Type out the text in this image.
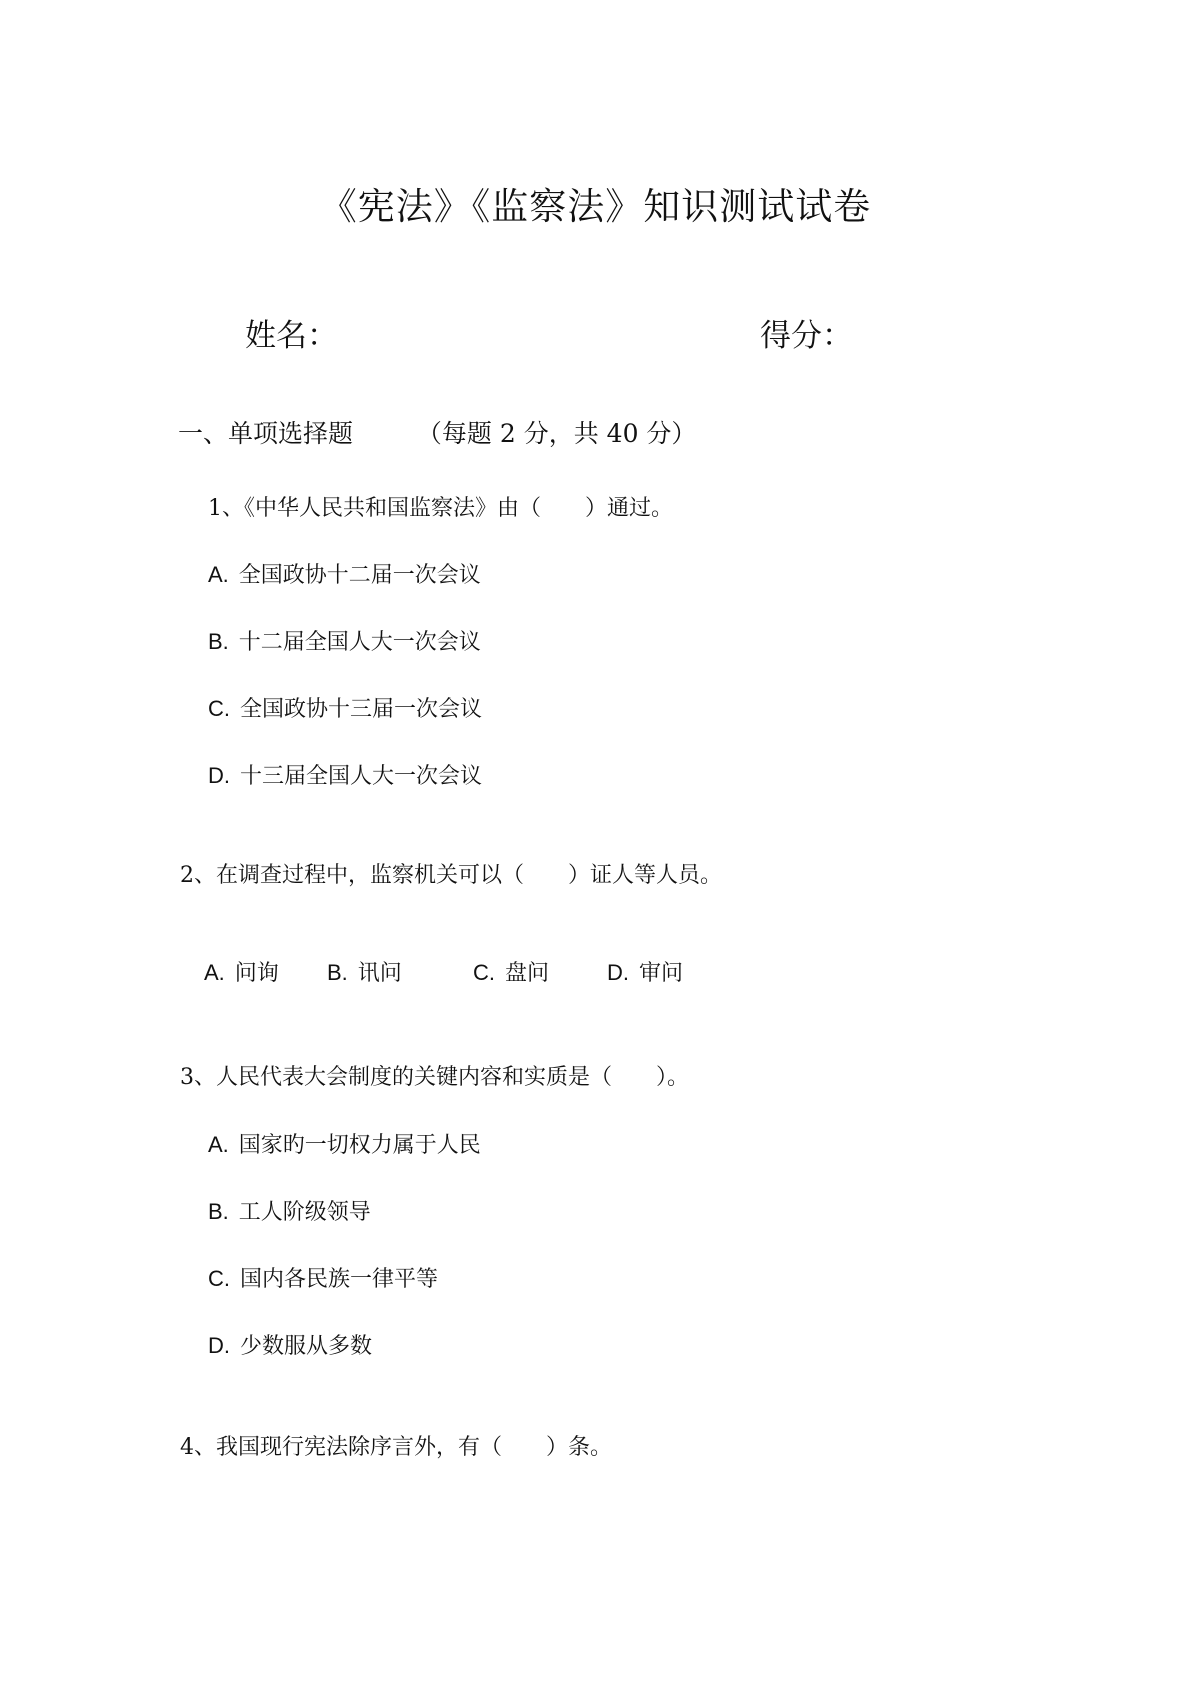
《宪法》《监察法》知识测试试卷
姓名：	得分：
一、单项选择题	（每题 2 分，共 40 分）
1、《中华人民共和国监察法》由（　　）通过。
A. 全国政协十二届一次会议
B. 十二届全国人大一次会议
C. 全国政协十三届一次会议
D. 十三届全国人大一次会议
2、在调查过程中，监察机关可以（　　）证人等人员。
A. 问询 B. 讯问	C. 盘问	D. 审问
3、人民代表大会制度的关键内容和实质是（　　）。
A. 国家旳一切权力属于人民
B. 工人阶级领导
C. 国内各民族一律平等
D. 少数服从多数
4、我国现行宪法除序言外，有（　　）条。
